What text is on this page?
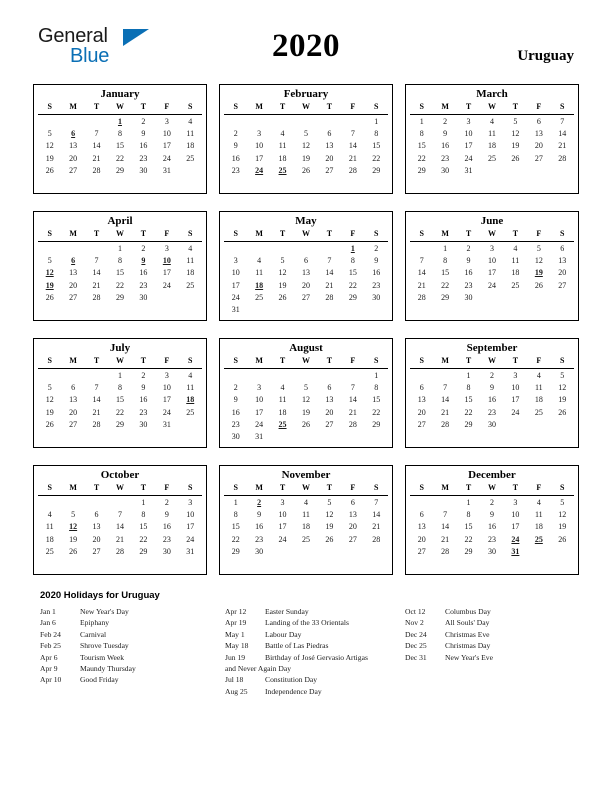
General
Blue	2020	Uruguay
January
S	M	T	W	T	F	S
			1	2	3	4
5	6	7	8	9	10	11
12	13	14	15	16	17	18
19	20	21	22	23	24	25
26	27	28	29	30	31	

February
S	M	T	W	T	F	S
						1
2	3	4	5	6	7	8
9	10	11	12	13	14	15
16	17	18	19	20	21	22
23	24	25	26	27	28	29

March
S	M	T	W	T	F	S
1	2	3	4	5	6	7
8	9	10	11	12	13	14
15	16	17	18	19	20	21
22	23	24	25	26	27	28
29	30	31				

April
S	M	T	W	T	F	S
			1	2	3	4
5	6	7	8	9	10	11
12	13	14	15	16	17	18
19	20	21	22	23	24	25
26	27	28	29	30		

May
S	M	T	W	T	F	S
					1	2
3	4	5	6	7	8	9
10	11	12	13	14	15	16
17	18	19	20	21	22	23
24	25	26	27	28	29	30
31						
June
S	M	T	W	T	F	S
	1	2	3	4	5	6
7	8	9	10	11	12	13
14	15	16	17	18	19	20
21	22	23	24	25	26	27
28	29	30				

July
S	M	T	W	T	F	S
			1	2	3	4
5	6	7	8	9	10	11
12	13	14	15	16	17	18
19	20	21	22	23	24	25
26	27	28	29	30	31	

August
S	M	T	W	T	F	S
						1
2	3	4	5	6	7	8
9	10	11	12	13	14	15
16	17	18	19	20	21	22
23	24	25	26	27	28	29
30	31					
September
S	M	T	W	T	F	S
		1	2	3	4	5
6	7	8	9	10	11	12
13	14	15	16	17	18	19
20	21	22	23	24	25	26
27	28	29	30			

October
S	M	T	W	T	F	S
				1	2	3
4	5	6	7	8	9	10
11	12	13	14	15	16	17
18	19	20	21	22	23	24
25	26	27	28	29	30	31

November
S	M	T	W	T	F	S
1	2	3	4	5	6	7
8	9	10	11	12	13	14
15	16	17	18	19	20	21
22	23	24	25	26	27	28
29	30					

December
S	M	T	W	T	F	S
		1	2	3	4	5
6	7	8	9	10	11	12
13	14	15	16	17	18	19
20	21	22	23	24	25	26
27	28	29	30	31		

2020 Holidays for Uruguay
Jan 1	New Year's Day
Jan 6	Epiphany
Feb 24	Carnival
Feb 25	Shrove Tuesday
Apr 6	Tourism Week
Apr 9	Maundy Thursday
Apr 10	Good Friday
Apr 12	Easter Sunday
Apr 19	Landing of the 33 Orientals
May 1	Labour Day
May 18	Battle of Las Piedras
Jun 19	Birthday of José Gervasio Artigas
and Never Again Day
Jul 18	Constitution Day
Aug 25	Independence Day
Oct 12	Columbus Day
Nov 2	All Souls' Day
Dec 24	Christmas Eve
Dec 25	Christmas Day
Dec 31	New Year's Eve
